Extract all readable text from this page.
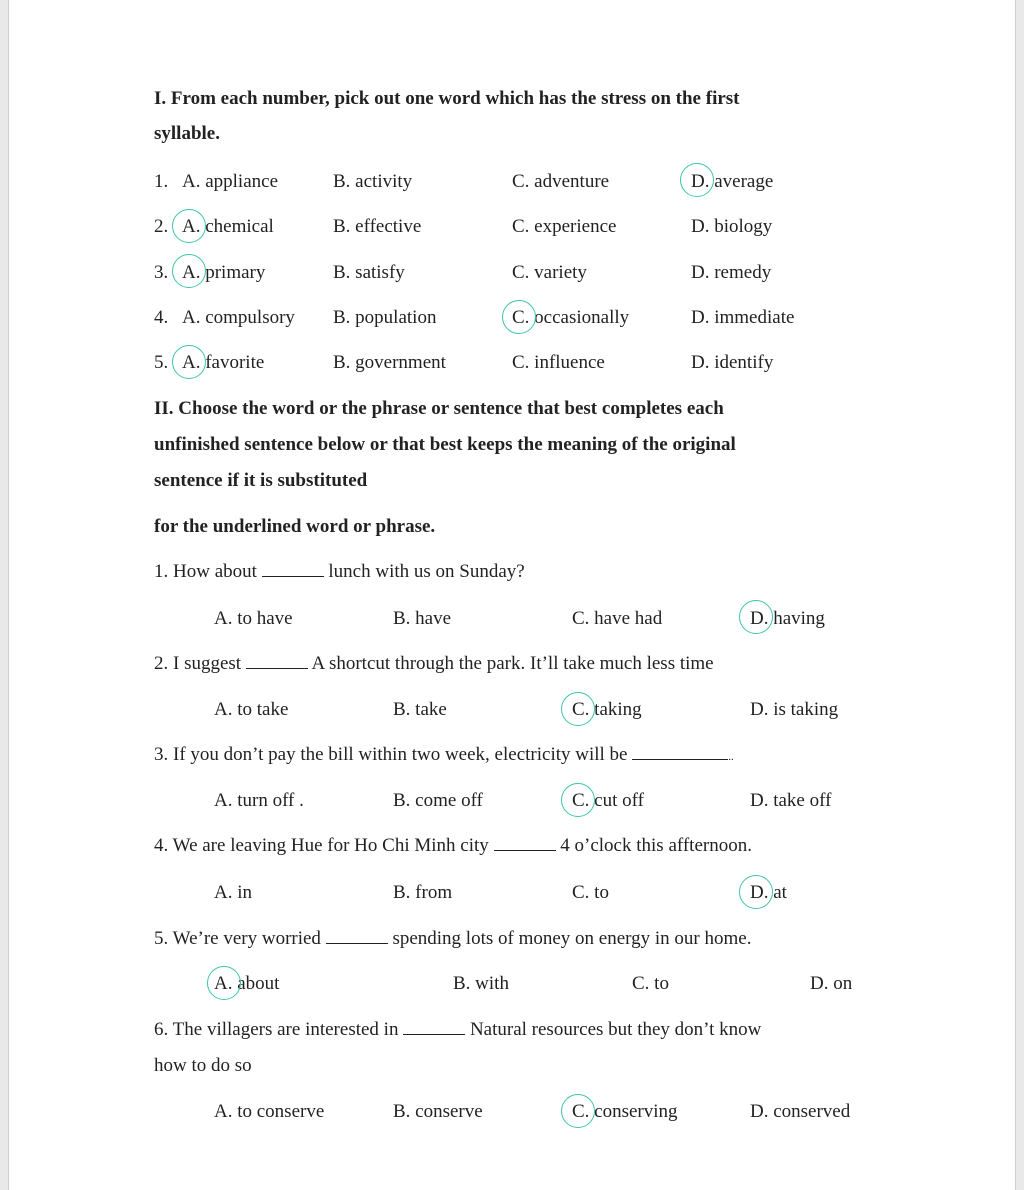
I. From each number, pick out one word which has the stress on the first
syllable.
1. A. appliance	B. activity	C. adventure	D. average
2. A. chemical	B. effective	C. experience	D. biology
3. A. primary	B. satisfy	C. variety	D. remedy
4. A. compulsory B. population	C. occasionally	D. immediate
5. A. favorite	B. government	C. influence	D. identify
II. Choose the word or the phrase or sentence that best completes each
unfinished sentence below or that best keeps the meaning of the original
sentence if it is substituted
for the underlined word or phrase.
1. How about	lunch with us on Sunday?
A. to have	B. have	C. have had	D. having
2. I suggest	A shortcut through the park. It’ll take much less time
A. to take	B. take	C. taking	D. is taking
3. If you don’t pay the bill within two week, electricity will be	..
A. turn off .	B. come off	C. cut off	D. take off
4. We are leaving Hue for Ho Chi Minh city	4 o’clock this affternoon.
A. in	B. from	C. to	D. at
5. We’re very worried	spending lots of money on energy in our home.
A. about	B. with	C. to	D. on
6. The villagers are interested in	Natural resources but they don’t know
how to do so
A. to conserve	B. conserve	C. conserving	D. conserved
